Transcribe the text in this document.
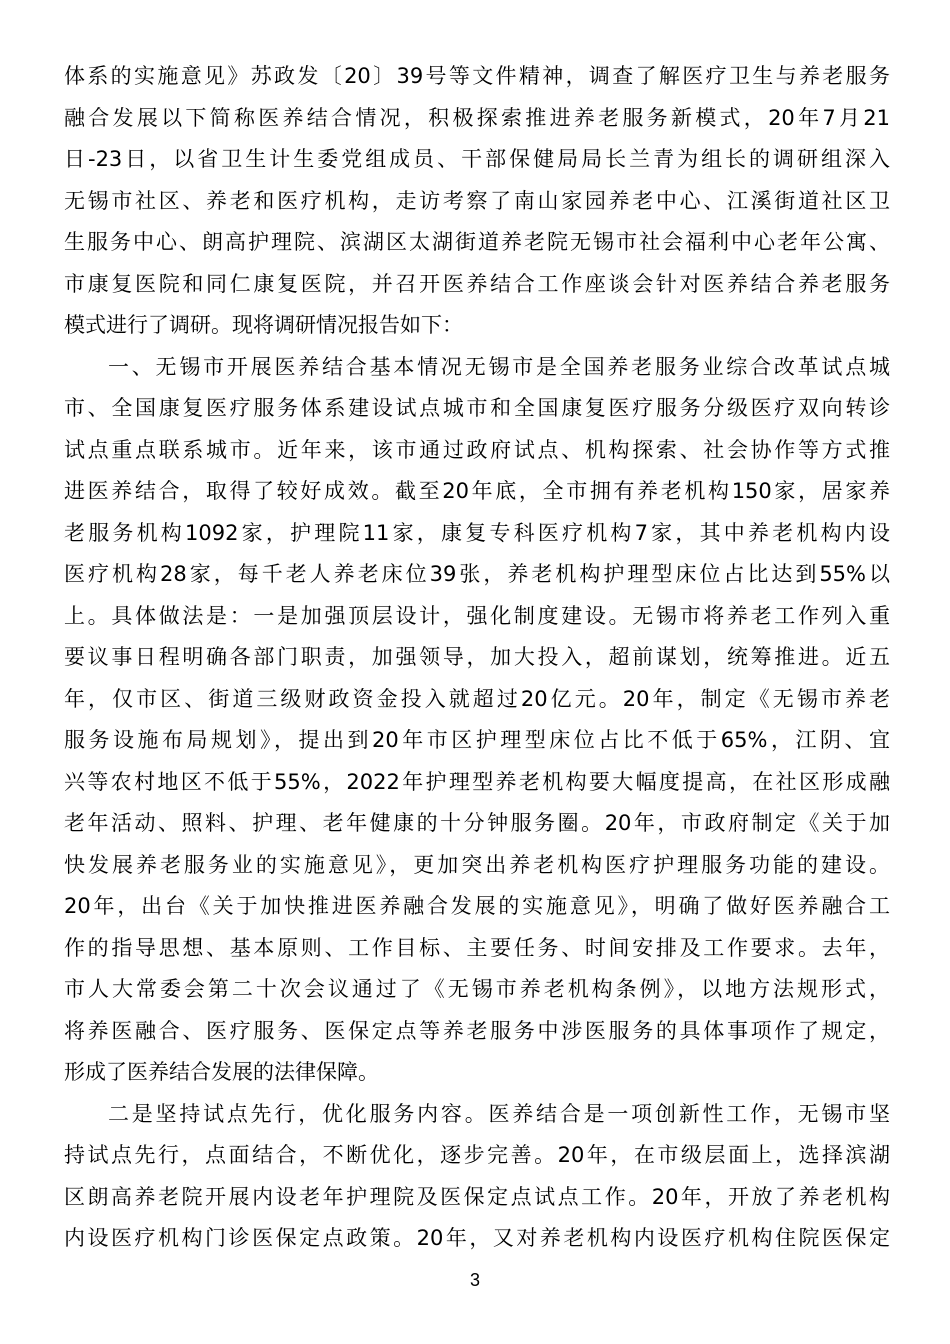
体系的实施意见》苏政发〔20〕39号等文件精神，调查了解医疗卫生与养老服务
融合发展以下简称医养结合情况，积极探索推进养老服务新模式，20年7月21
日-23日，以省卫生计生委党组成员、干部保健局局长兰青为组长的调研组深入
无锡市社区、养老和医疗机构，走访考察了南山家园养老中心、江溪街道社区卫
生服务中心、朗高护理院、滨湖区太湖街道养老院无锡市社会福利中心老年公寓、
市康复医院和同仁康复医院，并召开医养结合工作座谈会针对医养结合养老服务
模式进行了调研。现将调研情况报告如下：
一、无锡市开展医养结合基本情况无锡市是全国养老服务业综合改革试点城
市、全国康复医疗服务体系建设试点城市和全国康复医疗服务分级医疗双向转诊
试点重点联系城市。近年来，该市通过政府试点、机构探索、社会协作等方式推
进医养结合，取得了较好成效。截至20年底，全市拥有养老机构150家，居家养
老服务机构1092家，护理院11家，康复专科医疗机构7家，其中养老机构内设
医疗机构28家，每千老人养老床位39张，养老机构护理型床位占比达到55%以
上。具体做法是：一是加强顶层设计，强化制度建设。无锡市将养老工作列入重
要议事日程明确各部门职责，加强领导，加大投入，超前谋划，统筹推进。近五
年，仅市区、街道三级财政资金投入就超过20亿元。20年，制定《无锡市养老
服务设施布局规划》，提出到20年市区护理型床位占比不低于65%，江阴、宜
兴等农村地区不低于55%，2022年护理型养老机构要大幅度提高，在社区形成融
老年活动、照料、护理、老年健康的十分钟服务圈。20年，市政府制定《关于加
快发展养老服务业的实施意见》，更加突出养老机构医疗护理服务功能的建设。
20年，出台《关于加快推进医养融合发展的实施意见》，明确了做好医养融合工
作的指导思想、基本原则、工作目标、主要任务、时间安排及工作要求。去年，
市人大常委会第二十次会议通过了《无锡市养老机构条例》，以地方法规形式，
将养医融合、医疗服务、医保定点等养老服务中涉医服务的具体事项作了规定，
形成了医养结合发展的法律保障。
二是坚持试点先行，优化服务内容。医养结合是一项创新性工作，无锡市坚
持试点先行，点面结合，不断优化，逐步完善。20年，在市级层面上，选择滨湖
区朗高养老院开展内设老年护理院及医保定点试点工作。20年，开放了养老机构
内设医疗机构门诊医保定点政策。20年，又对养老机构内设医疗机构住院医保定
3
